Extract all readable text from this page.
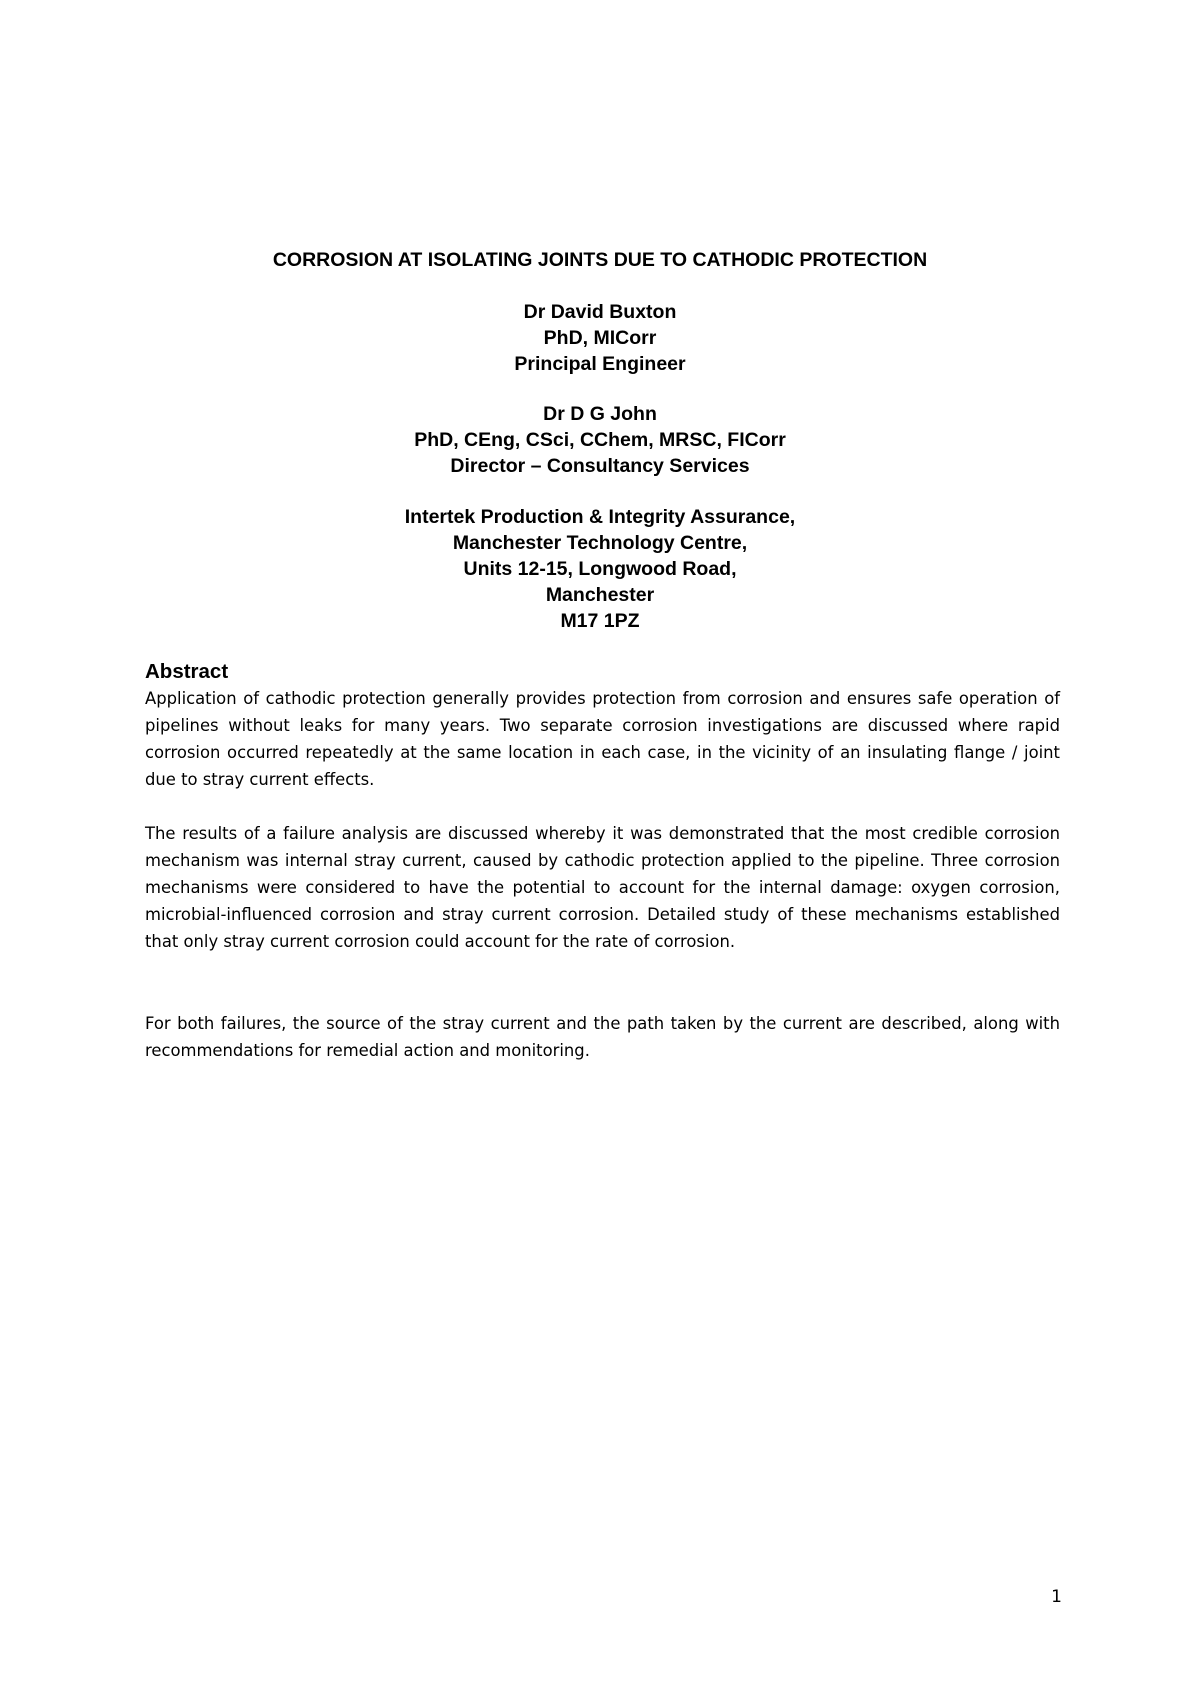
CORROSION AT ISOLATING JOINTS DUE TO CATHODIC PROTECTION
Dr David Buxton
PhD, MICorr
Principal Engineer
Dr D G John
PhD, CEng, CSci, CChem, MRSC, FICorr
Director – Consultancy Services
Intertek Production & Integrity Assurance,
Manchester Technology Centre,
Units 12-15, Longwood Road,
Manchester
M17 1PZ
Abstract

Application of cathodic protection generally provides protection from corrosion and ensures safe operation of pipelines without leaks for many years. Two separate corrosion investigations are discussed where rapid corrosion occurred repeatedly at the same location in each case, in the vicinity of an insulating flange / joint due to stray current effects.

The results of a failure analysis are discussed whereby it was demonstrated that the most credible corrosion mechanism was internal stray current, caused by cathodic protection applied to the pipeline. Three corrosion mechanisms were considered to have the potential to account for the internal damage: oxygen corrosion, microbial-influenced corrosion and stray current corrosion. Detailed study of these mechanisms established that only stray current corrosion could account for the rate of corrosion.

For both failures, the source of the stray current and the path taken by the current are described, along with recommendations for remedial action and monitoring.

1
